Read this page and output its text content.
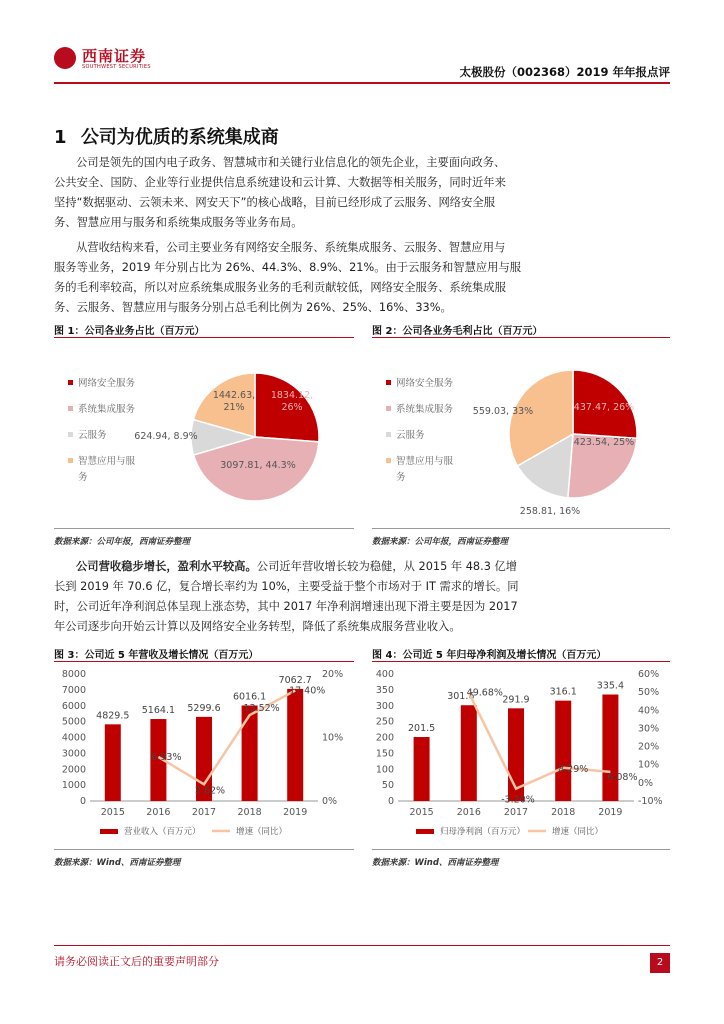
西南证券
SOUTHWEST SECURITIES	太极股份（002368）2019 年年报点评
1 公司为优质的系统集成商
公司是领先的国内电子政务、智慧城市和关键行业信息化的领先企业，主要面向政务、
公共安全、国防、企业等行业提供信息系统建设和云计算、大数据等相关服务，同时近年来
坚持“数据驱动、云领未来、网安天下”的核心战略，目前已经形成了云服务、网络安全服
务、智慧应用与服务和系统集成服务等业务布局。
从营收结构来看，公司主要业务有网络安全服务、系统集成服务、云服务、智慧应用与
服务等业务，2019 年分别占比为 26%、44.3%、8.9%、21%。由于云服务和智慧应用与服
务的毛利率较高，所以对应系统集成服务业务的毛利贡献较低，网络安全服务、系统集成服
务、云服务、智慧应用与服务分别占总毛利比例为 26%、25%、16%、33%。
图 1：公司各业务占比（百万元）	图 2：公司各业务毛利占比（百万元）
网络安全服务
系统集成服务
云服务
智慧应用与服
务
1834.12,
26%
3097.81, 44.3%
624.94, 8.9%
1442.63,
21%
网络安全服务
系统集成服务
云服务
智慧应用与服
务
437.47, 26%
423.54, 25%
258.81, 16%
559.03, 33%
数据来源：公司年报，西南证券整理	数据来源：公司年报，西南证券整理
公司营收稳步增长，盈利水平较高。公司近年营收增长较为稳健，从 2015 年 48.3 亿增
长到 2019 年 70.6 亿，复合增长率约为 10%，主要受益于整个市场对于 IT 需求的增长。同
时，公司近年净利润总体呈现上涨态势，其中 2017 年净利润增速出现下滑主要是因为 2017
年公司逐步向开始云计算以及网络安全业务转型，降低了系统集成服务营业收入。
图 3：公司近 5 年营收及增长情况（百万元）	图 4：公司近 5 年归母净利润及增长情况（百万元）
0
1000
2000
3000
4000
5000
6000
7000
8000
0%
10%
20%
2015
4829.5
2016
5164.1
2017
5299.6
2018
6016.1
2019
7062.7
6.93%
2.62%
13.52%
17.40%
营业收入（百万元）	增速（同比）
0
50
100
150
200
250
300
350
400
-10%
0%
10%
20%
30%
40%
50%
60%
2015
201.5
2016
301.6
2017
291.9
2018
316.1
2019
335.4
49.68%
-3.20%
8.29%
6.08%
归母净利润（百万元）	增速（同比）
数据来源：Wind、西南证券整理	数据来源：Wind、西南证券整理
请务必阅读正文后的重要声明部分	2
